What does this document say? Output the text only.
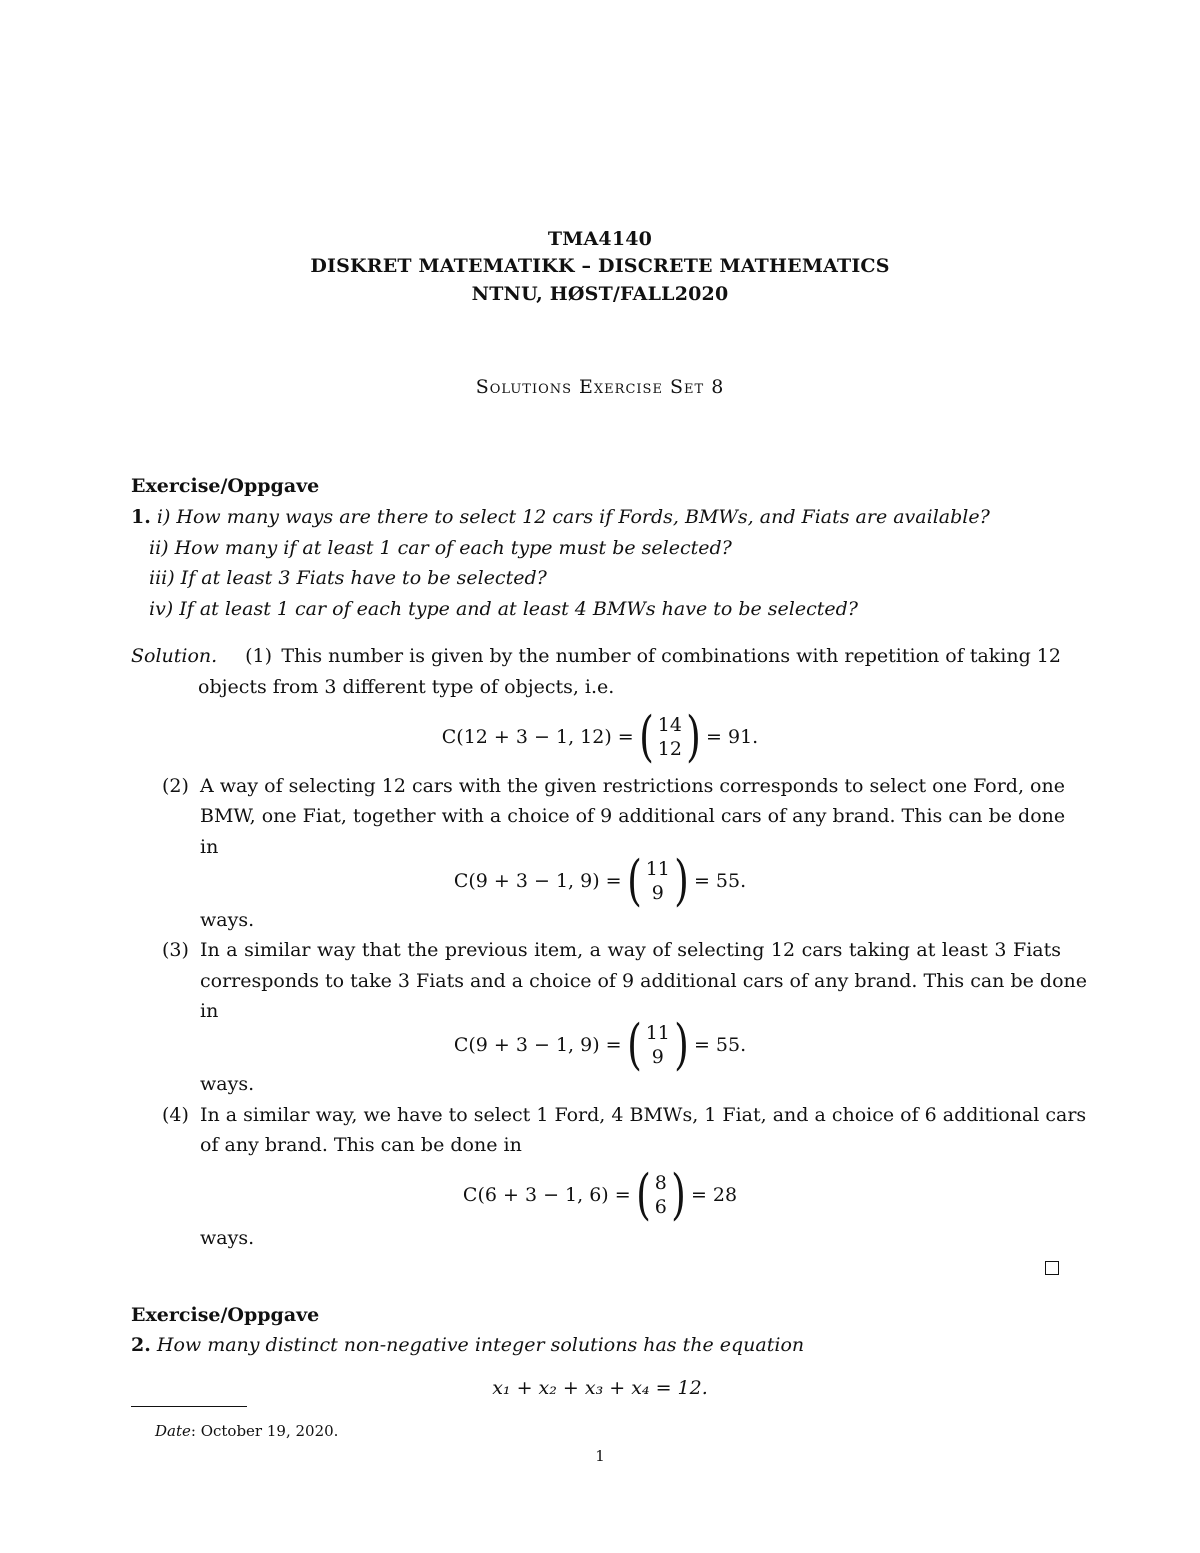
TMA4140
DISKRET MATEMATIKK – DISCRETE MATHEMATICS
NTNU, HØST/FALL2020
Solutions Exercise Set 8
Exercise/Oppgave
1. i) How many ways are there to select 12 cars if Fords, BMWs, and Fiats are available?
ii) How many if at least 1 car of each type must be selected?
iii) If at least 3 Fiats have to be selected?
iv) If at least 1 car of each type and at least 4 BMWs have to be selected?
Solution.	(1) This number is given by the number of combinations with repetition of taking 12
objects from 3 different type of objects, i.e.
C(12 + 3 − 1, 12) = ( 14
12 ) = 91.
(2) A way of selecting 12 cars with the given restrictions corresponds to select one Ford, one
BMW, one Fiat, together with a choice of 9 additional cars of any brand. This can be done
in
C(9 + 3 − 1, 9) = ( 11
9 ) = 55.
ways.
(3) In a similar way that the previous item, a way of selecting 12 cars taking at least 3 Fiats
corresponds to take 3 Fiats and a choice of 9 additional cars of any brand. This can be done
in
C(9 + 3 − 1, 9) = ( 11
9 ) = 55.
ways.
(4) In a similar way, we have to select 1 Ford, 4 BMWs, 1 Fiat, and a choice of 6 additional cars
of any brand. This can be done in
C(6 + 3 − 1, 6) = ( 8
6 ) = 28
ways.
Exercise/Oppgave
2. How many distinct non-negative integer solutions has the equation
x₁ + x₂ + x₃ + x₄ = 12.
Date: October 19, 2020.
1
